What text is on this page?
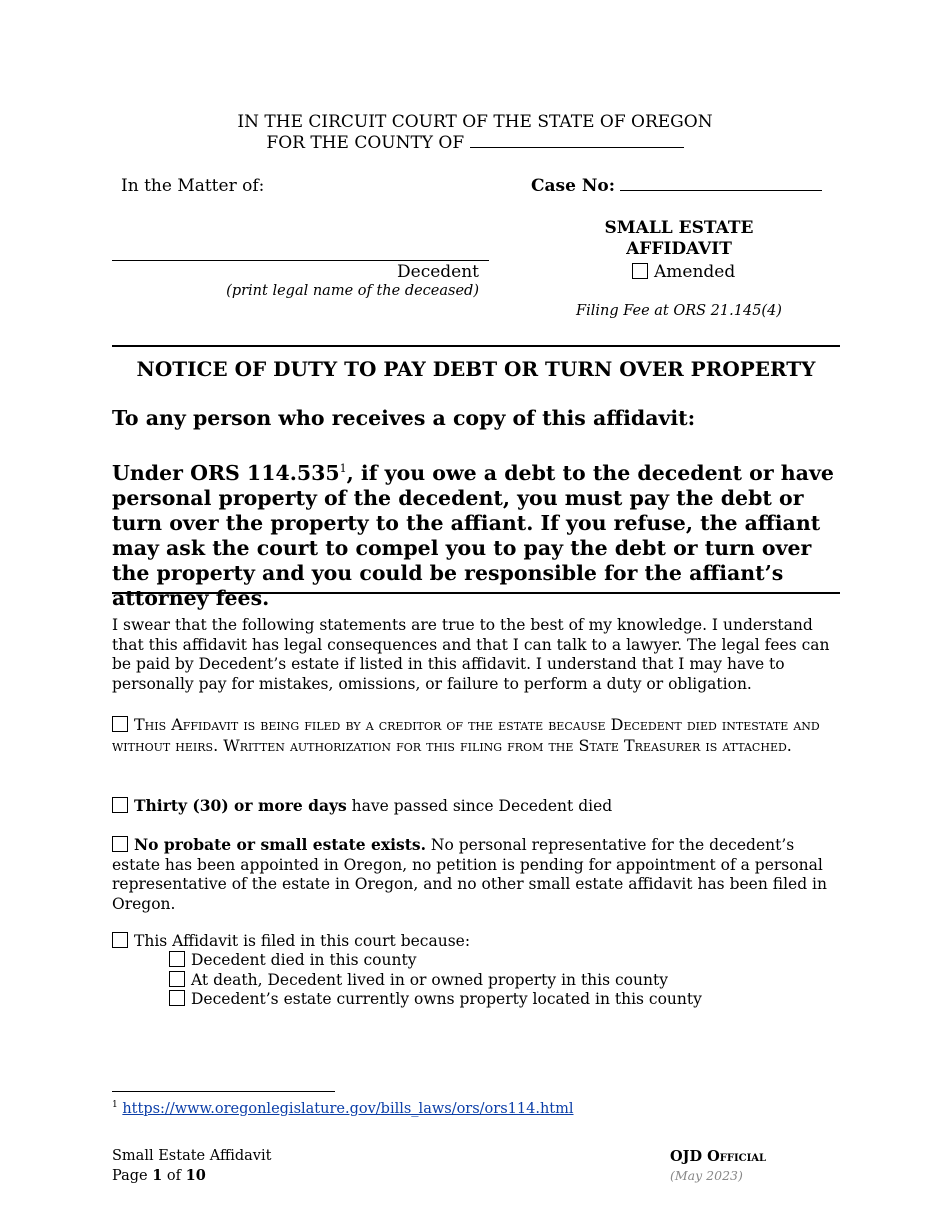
IN THE CIRCUIT COURT OF THE STATE OF OREGON
FOR THE COUNTY OF
In the Matter of:	Case No:
Decedent
(print legal name of the deceased)
SMALL ESTATE
AFFIDAVIT
Amended
Filing Fee at ORS 21.145(4)
NOTICE OF DUTY TO PAY DEBT OR TURN OVER PROPERTY
To any person who receives a copy of this affidavit:
Under ORS 114.535$^1$, if you owe a debt to the decedent or have personal property of the decedent, you must pay the debt or turn over the property to the affiant. If you refuse, the affiant may ask the court to compel you to pay the debt or turn over the property and you could be responsible for the affiant’s attorney fees.
I swear that the following statements are true to the best of my knowledge. I understand that this affidavit has legal consequences and that I can talk to a lawyer. The legal fees can be paid by Decedent’s estate if listed in this affidavit. I understand that I may have to personally pay for mistakes, omissions, or failure to perform a duty or obligation.
This Affidavit is being filed by a creditor of the estate because Decedent died intestate and without heirs. Written authorization for this filing from the State Treasurer is attached.
Thirty (30) or more days have passed since Decedent died
No probate or small estate exists. No personal representative for the decedent’s estate has been appointed in Oregon, no petition is pending for appointment of a personal representative of the estate in Oregon, and no other small estate affidavit has been filed in Oregon.
This Affidavit is filed in this court because:
Decedent died in this county
At death, Decedent lived in or owned property in this county
Decedent’s estate currently owns property located in this county
$^1$ https://www.oregonlegislature.gov/bills_laws/ors/ors114.html
Small Estate Affidavit
Page 1 of 10
OJD Official
(May 2023)
